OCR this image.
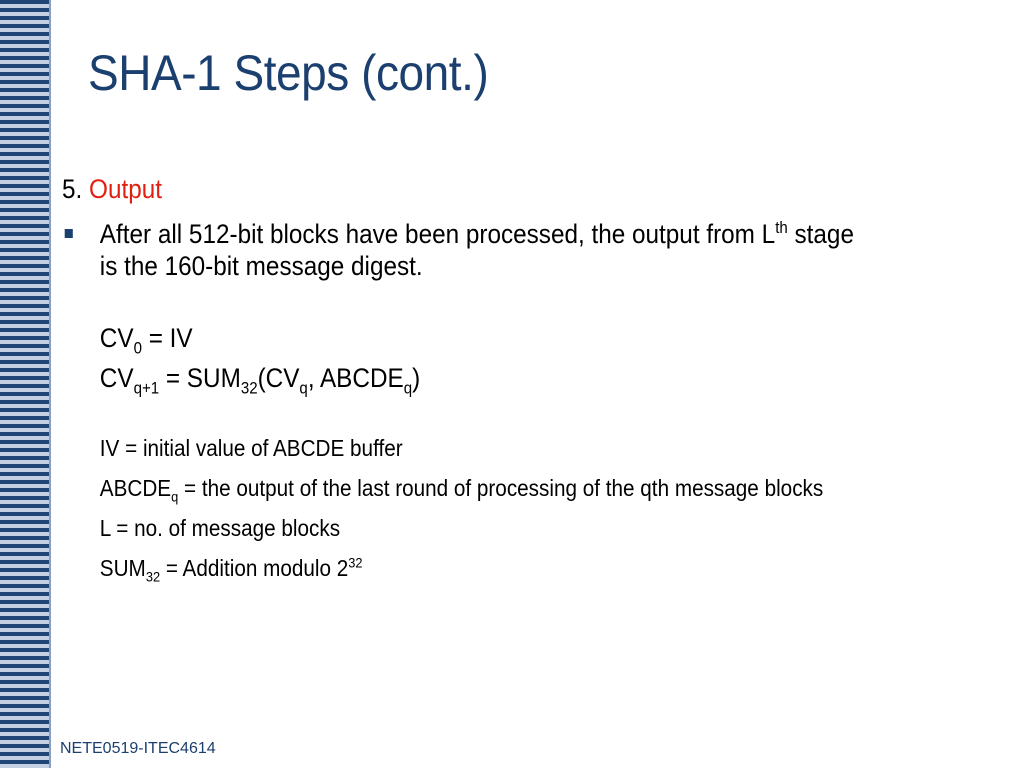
SHA-1 Steps (cont.)

5. Output

After all 512-bit blocks have been processed, the output from Lth stage is the 160-bit message digest.
$CV_0$ = IV
$CV_{q+1} = SUM_{32}(CV_q$, $ABCDE_q$)
IV = initial value of ABCDE buffer
$ABCDE_q$ = the output of the last round of processing of the qth message blocks
L = no. of message blocks
$SUM_{32}$ = Addition modulo $2^{32}$
NETE0519-ITEC4614
